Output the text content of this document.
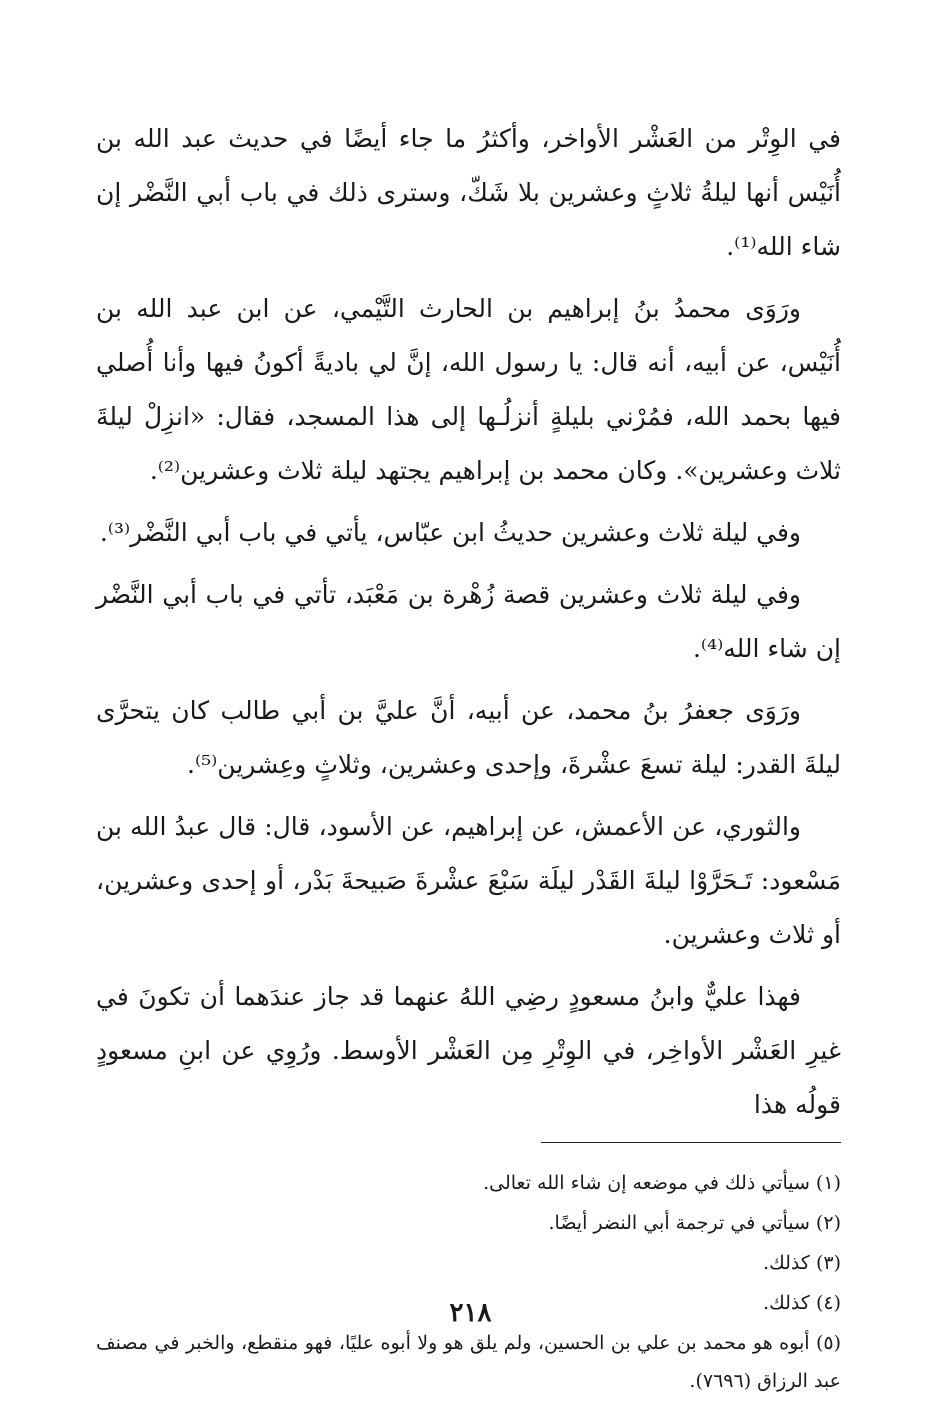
في الوِتْر من العَشْر الأواخر، وأكثرُ ما جاء أيضًا في حديث عبد الله بن أُنَيْس أنها ليلةُ ثلاثٍ وعشرين بلا شَكّ، وسترى ذلك في باب أبي النَّضْر إن شاء الله⁽¹⁾.

ورَوَى محمدُ بنُ إبراهيم بن الحارث التَّيْمي، عن ابن عبد الله بن أُنَيْس، عن أبيه، أنه قال: يا رسول الله، إنَّ لي باديةً أكونُ فيها وأنا أُصلي فيها بحمد الله، فمُرْني بليلةٍ أنزلُـها إلى هذا المسجد، فقال: «انزِلْ ليلةَ ثلاث وعشرين». وكان محمد بن إبراهيم يجتهد ليلة ثلاث وعشرين⁽²⁾.

وفي ليلة ثلاث وعشرين حديثُ ابن عبّاس، يأتي في باب أبي النَّضْر⁽³⁾.

وفي ليلة ثلاث وعشرين قصة زُهْرة بن مَعْبَد، تأتي في باب أبي النَّضْر إن شاء الله⁽⁴⁾.

ورَوَى جعفرُ بنُ محمد، عن أبيه، أنَّ عليَّ بن أبي طالب كان يتحرَّى ليلةَ القدر: ليلة تسعَ عشْرةَ، وإحدى وعشرين، وثلاثٍ وعِشرين⁽⁵⁾.

والثوري، عن الأعمش، عن إبراهيم، عن الأسود، قال: قال عبدُ الله بن مَسْعود: تَـحَرَّوْا ليلةَ القَدْر ليلَة سَبْعَ عشْرةَ صَبيحةَ بَدْر، أو إحدى وعشرين، أو ثلاث وعشرين.

فهذا عليٌّ وابنُ مسعودٍ رضِي اللهُ عنهما قد جاز عندَهما أن تكونَ في غيرِ العَشْر الأواخِر، في الوِتْرِ مِن العَشْر الأوسط. ورُوِي عن ابنِ مسعودٍ قولُه هذا

(١) سيأتي ذلك في موضعه إن شاء الله تعالى.
(٢) سيأتي في ترجمة أبي النضر أيضًا.
(٣) كذلك.
(٤) كذلك.
(٥) أبوه هو محمد بن علي بن الحسين، ولم يلق هو ولا أبوه عليًا، فهو منقطع، والخبر في مصنف عبد الرزاق (٧٦٩٦).
٢١٨
